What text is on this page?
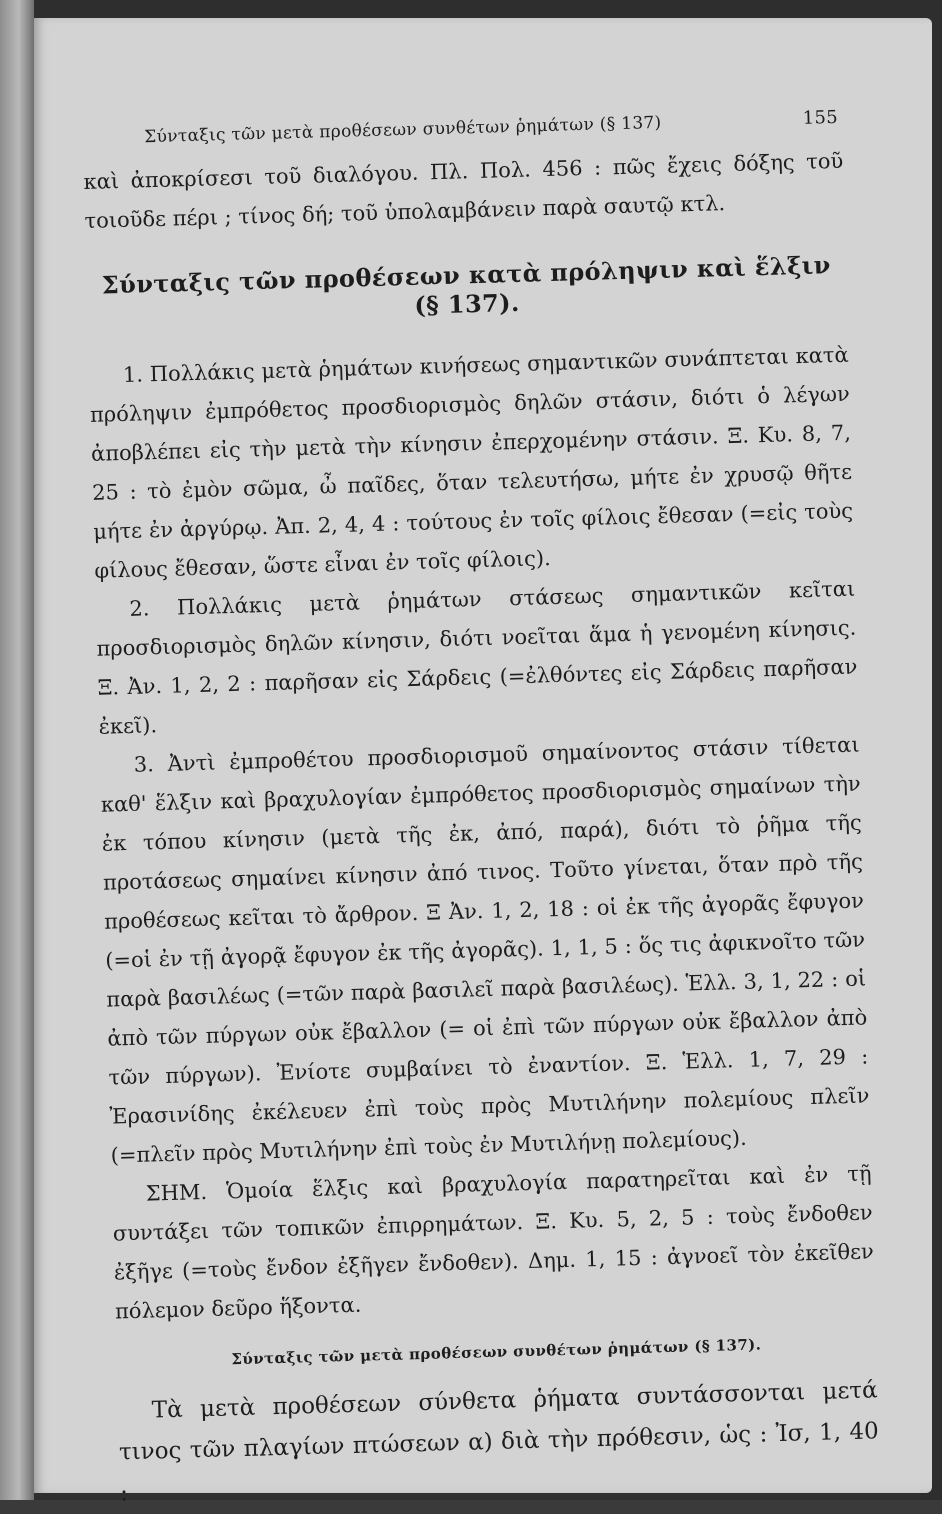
Σύνταξις τῶν μετὰ προθέσεων συνθέτων ῥημάτων (§ 137)	155

καὶ ἀποκρίσεσι τοῦ διαλόγου. Πλ. Πολ. 456 : πῶς ἔχεις δόξης τοῦ τοιοῦδε πέρι ; τίνος δή; τοῦ ὑπολαμβάνειν παρὰ σαυτῷ κτλ.

Σύνταξις τῶν προθέσεων κατὰ πρόληψιν καὶ ἕλξιν (§ 137).

1. Πολλάκις μετὰ ῥημάτων κινήσεως σημαντικῶν συνάπτεται κατὰ πρόληψιν ἐμπρόθετος προσδιορισμὸς δηλῶν στάσιν, διότι ὁ λέγων ἀποβλέπει εἰς τὴν μετὰ τὴν κίνησιν ἐπερχομένην στάσιν. Ξ. Κυ. 8, 7, 25 : τὸ ἐμὸν σῶμα, ὦ παῖδες, ὅταν τελευτήσω, μήτε ἐν χρυσῷ θῆτε μήτε ἐν ἀργύρῳ. Ἀπ. 2, 4, 4 : τούτους ἐν τοῖς φίλοις ἔθεσαν (=εἰς τοὺς φίλους ἔθεσαν, ὥστε εἶναι ἐν τοῖς φίλοις).

2. Πολλάκις μετὰ ῥημάτων στάσεως σημαντικῶν κεῖται προσδιορισμὸς δηλῶν κίνησιν, διότι νοεῖται ἅμα ἡ γενομένη κίνησις. Ξ. Ἀν. 1, 2, 2 : παρῆσαν εἰς Σάρδεις (=ἐλθόντες εἰς Σάρδεις παρῆσαν ἐκεῖ).

3. Ἀντὶ ἐμπροθέτου προσδιορισμοῦ σημαίνοντος στάσιν τίθεται καθ' ἕλξιν καὶ βραχυλογίαν ἐμπρόθετος προσδιορισμὸς σημαίνων τὴν ἐκ τόπου κίνησιν (μετὰ τῆς ἐκ, ἀπό, παρά), διότι τὸ ῥῆμα τῆς προτάσεως σημαίνει κίνησιν ἀπό τινος. Τοῦτο γίνεται, ὅταν πρὸ τῆς προθέσεως κεῖται τὸ ἄρθρον. Ξ Ἀν. 1, 2, 18 : οἱ ἐκ τῆς ἀγορᾶς ἔφυγον (=οἱ ἐν τῇ ἀγορᾷ ἔφυγον ἐκ τῆς ἀγορᾶς). 1, 1, 5 : ὅς τις ἀφικνοῖτο τῶν παρὰ βασιλέως (=τῶν παρὰ βασιλεῖ παρὰ βασιλέως). Ἑλλ. 3, 1, 22 : οἱ ἀπὸ τῶν πύργων οὐκ ἔβαλλον (= οἱ ἐπὶ τῶν πύργων οὐκ ἔβαλλον ἀπὸ τῶν πύργων). Ἐνίοτε συμβαίνει τὸ ἐναντίον. Ξ. Ἑλλ. 1, 7, 29 : Ἐρασινίδης ἐκέλευεν ἐπὶ τοὺς πρὸς Μυτιλήνην πολεμίους πλεῖν (=πλεῖν πρὸς Μυτιλήνην ἐπὶ τοὺς ἐν Μυτιλήνῃ πολεμίους).

ΣΗΜ. Ὁμοία ἕλξις καὶ βραχυλογία παρατηρεῖται καὶ ἐν τῇ συντάξει τῶν τοπικῶν ἐπιρρημάτων. Ξ. Κυ. 5, 2, 5 : τοὺς ἔνδοθεν ἐξῆγε (=τοὺς ἔνδον ἐξῆγεν ἔνδοθεν). Δημ. 1, 15 : ἀγνοεῖ τὸν ἐκεῖθεν πόλεμον δεῦρο ἥξοντα.

Σύνταξις τῶν μετὰ προθέσεων συνθέτων ῥημάτων (§ 137).

Τὰ μετὰ προθέσεων σύνθετα ῥήματα συντάσσονται μετά τινος τῶν πλαγίων πτώσεων α) διὰ τὴν πρόθεσιν, ὡς : Ἰσ, 1, 40 :
